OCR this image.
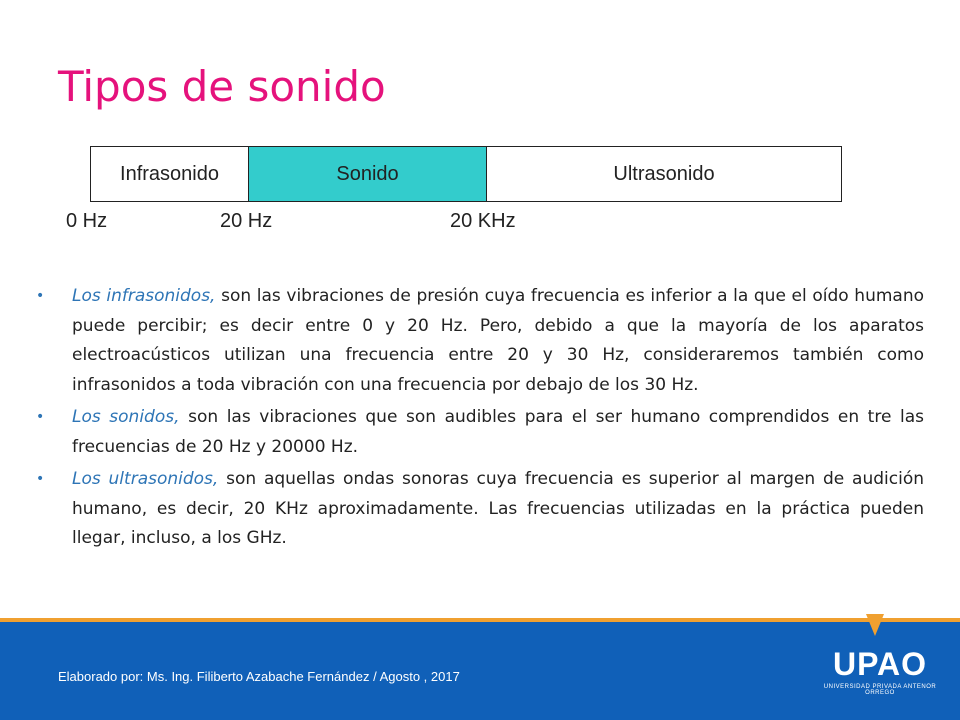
Tipos de sonido
Infrasonido	Sonido	Ultrasonido
0 Hz	20 Hz	20 KHz
• Los infrasonidos, son las vibraciones de presión cuya frecuencia es inferior a la que el oído humano puede percibir; es decir entre 0 y 20 Hz. Pero, debido a que la mayoría de los aparatos electroacústicos utilizan una frecuencia entre 20 y 30 Hz, consideraremos también como infrasonidos a toda vibración con una frecuencia por debajo de los 30 Hz.
• Los sonidos, son las vibraciones que son audibles para el ser humano comprendidos en tre las frecuencias de 20 Hz y 20000 Hz.
• Los ultrasonidos, son aquellas ondas sonoras cuya frecuencia es superior al margen de audición humano, es decir, 20 KHz aproximadamente. Las frecuencias utilizadas en la práctica pueden llegar, incluso, a los GHz.
Elaborado por: Ms. Ing. Filiberto Azabache Fernández / Agosto , 2017	UPAO
UNIVERSIDAD PRIVADA ANTENOR ORREGO
